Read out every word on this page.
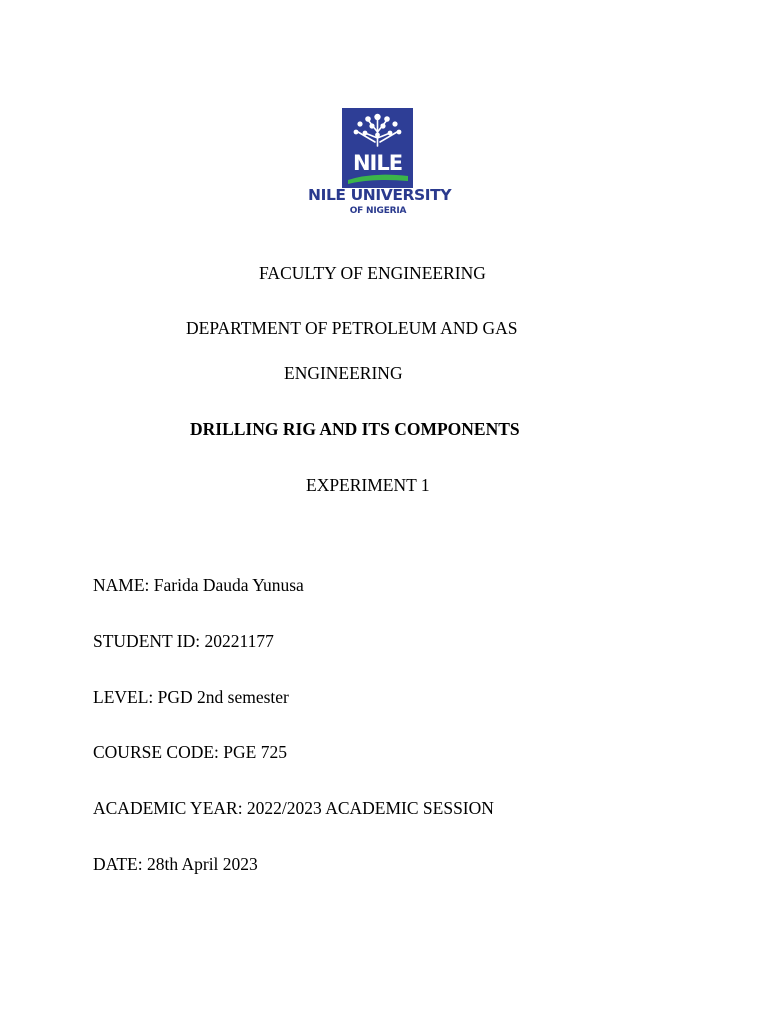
NILE
NILE UNIVERSITY
OF NIGERIA
FACULTY OF ENGINEERING
DEPARTMENT OF PETROLEUM AND GAS
ENGINEERING
DRILLING RIG AND ITS COMPONENTS
EXPERIMENT 1
NAME: Farida Dauda Yunusa
STUDENT ID: 20221177
LEVEL: PGD 2nd semester
COURSE CODE: PGE 725
ACADEMIC YEAR: 2022/2023 ACADEMIC SESSION
DATE: 28th April 2023
